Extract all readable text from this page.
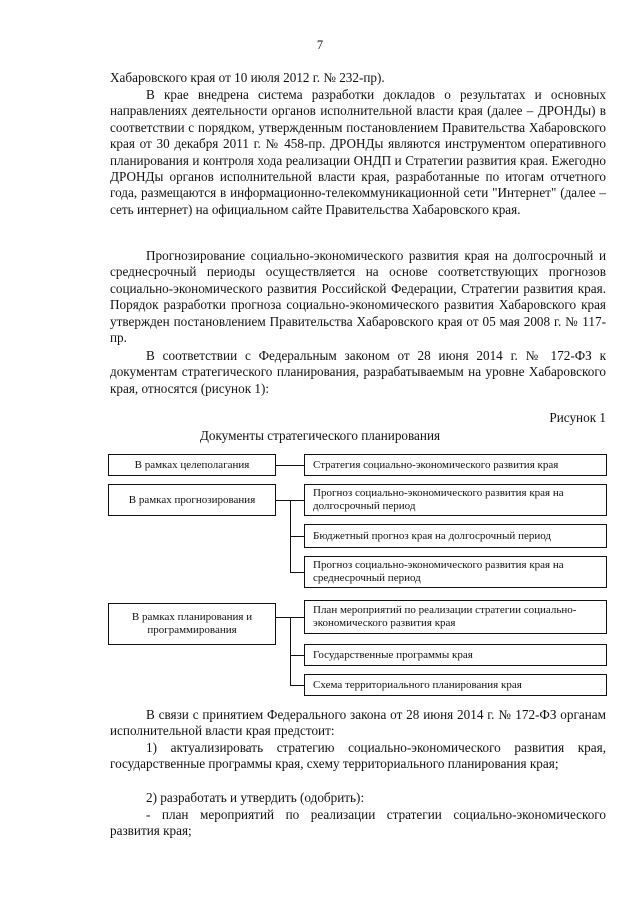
7
Хабаровского края от 10 июля 2012 г. № 232-пр).
В крае внедрена система разработки докладов о результатах и основных направлениях деятельности органов исполнительной власти края (далее – ДРОНДы) в соответствии с порядком, утвержденным постановлением Правительства Хабаровского края от 30 декабря 2011 г. № 458-пр. ДРОНДы являются инструментом оперативного планирования и контроля хода реализации ОНДП и Стратегии развития края. Ежегодно ДРОНДы органов исполнительной власти края, разработанные по итогам отчетного года, размещаются в информационно-телекоммуникационной сети "Интернет" (далее – сеть интернет) на официальном сайте Правительства Хабаровского края.
Прогнозирование социально-экономического развития края на долгосрочный и среднесрочный периоды осуществляется на основе соответствующих прогнозов социально-экономического развития Российской Федерации, Стратегии развития края. Порядок разработки прогноза социально-экономического развития Хабаровского края утвержден постановлением Правительства Хабаровского края от 05 мая 2008 г. № 117-пр.
В соответствии с Федеральным законом от 28 июня 2014 г. № 172-ФЗ к документам стратегического планирования, разрабатываемым на уровне Хабаровского края, относятся (рисунок 1):
Рисунок 1
Документы стратегического планирования
В рамках целеполагания
В рамках прогнозирования
В рамках планирования и программирования
Стратегия социально-экономического развития края
Прогноз социально-экономического развития края на долгосрочный период
Бюджетный прогноз края на долгосрочный период
Прогноз социально-экономического развития края на среднесрочный период
План мероприятий по реализации стратегии социально-экономического развития края
Государственные программы края
Схема территориального планирования края
В связи с принятием Федерального закона от 28 июня 2014 г. № 172-ФЗ органам исполнительной власти края предстоит:
1) актуализировать стратегию социально-экономического развития края, государственные программы края, схему территориального планирования края;
2) разработать и утвердить (одобрить):
- план мероприятий по реализации стратегии социально-экономического развития края;
